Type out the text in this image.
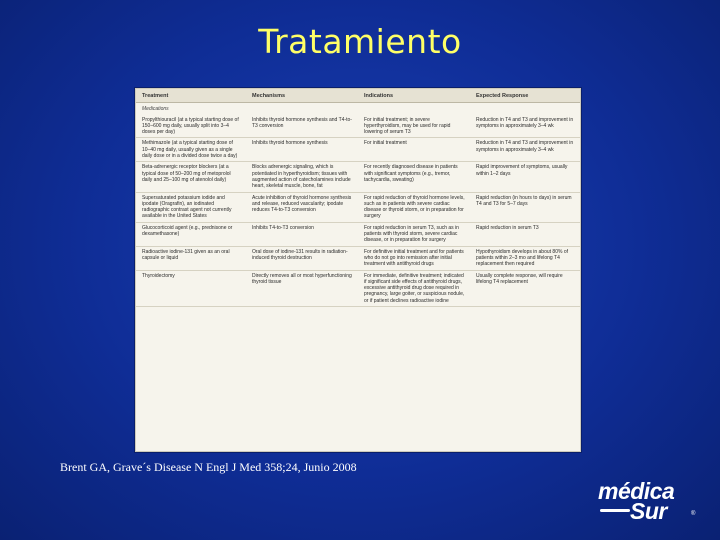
Tratamiento
Treatment	Mechanisms	Indications	Expected Response
Medications			
Propylthiouracil (at a typical starting dose of 150–600 mg daily, usually split into 3–4 doses per day)	Inhibits thyroid hormone synthesis and T4-to-T3 conversion	For initial treatment; in severe hyperthyroidism, may be used for rapid lowering of serum T3	Reduction in T4 and T3 and improvement in symptoms in approximately 3–4 wk
Methimazole (at a typical starting dose of 10–40 mg daily, usually given as a single daily dose or in a divided dose twice a day)	Inhibits thyroid hormone synthesis	For initial treatment	Reduction in T4 and T3 and improvement in symptoms in approximately 3–4 wk
Beta-adrenergic receptor blockers (at a typical dose of 50–200 mg of metoprolol daily and 25–100 mg of atenolol daily)	Blocks adrenergic signaling, which is potentiated in hyperthyroidism; tissues with augmented action of catecholamines include heart, skeletal muscle, bone, fat	For recently diagnosed disease in patients with significant symptoms (e.g., tremor, tachycardia, sweating)	Rapid improvement of symptoms, usually within 1–2 days
Supersaturated potassium iodide and ipodate (Oragrafin), an iodinated radiographic contrast agent not currently available in the United States	Acute inhibition of thyroid hormone synthesis and release, reduced vascularity; ipodate reduces T4-to-T3 conversion	For rapid reduction of thyroid hormone levels, such as in patients with severe cardiac disease or thyroid storm, or in preparation for surgery	Rapid reduction (in hours to days) in serum T4 and T3 for 5–7 days
Glucocorticoid agent (e.g., prednisone or dexamethasone)	Inhibits T4-to-T3 conversion	For rapid reduction in serum T3, such as in patients with thyroid storm, severe cardiac disease, or in preparation for surgery	Rapid reduction in serum T3
Radioactive iodine-131 given as an oral capsule or liquid	Oral dose of iodine-131 results in radiation-induced thyroid destruction	For definitive initial treatment and for patients who do not go into remission after initial treatment with antithyroid drugs	Hypothyroidism develops in about 80% of patients within 2–3 mo and lifelong T4 replacement then required
Thyroidectomy	Directly removes all or most hyperfunctioning thyroid tissue	For immediate, definitive treatment; indicated if significant side effects of antithyroid drugs, excessive antithyroid drug dose required in pregnancy, large goiter, or suspicious nodule, or if patient declines radioactive iodine	Usually complete response, will require lifelong T4 replacement
Brent GA, Grave´s Disease N Engl J Med 358;24, Junio 2008
médica
Sur	®
